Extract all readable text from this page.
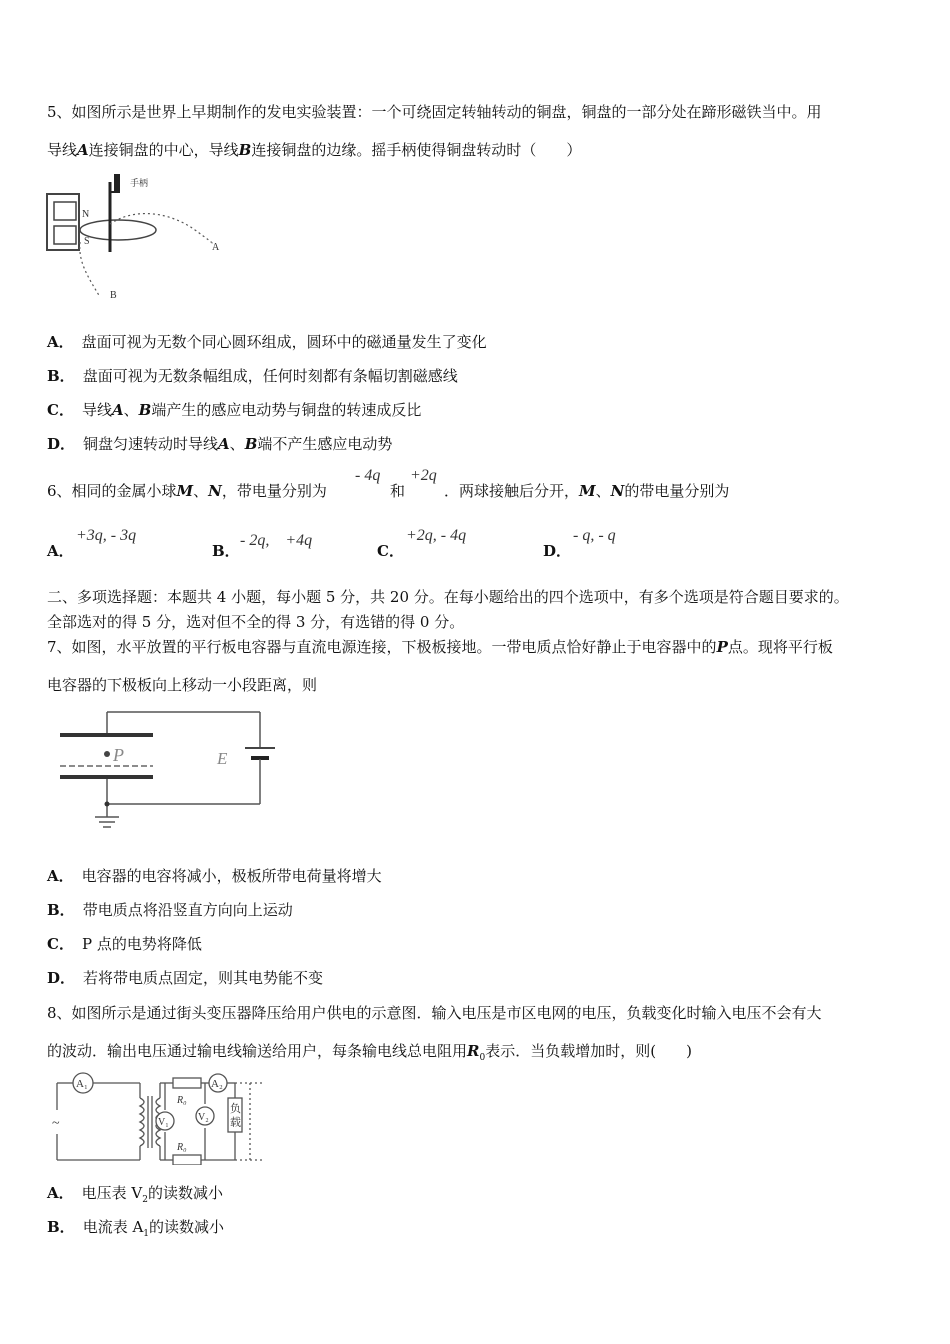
5、如图所示是世界上早期制作的发电实验装置：一个可绕固定转轴转动的铜盘，铜盘的一部分处在蹄形磁铁当中。用
导线A连接铜盘的中心，导线B连接铜盘的边缘。摇手柄使得铜盘转动时（　　）
N
S
手柄
A
B
A． 盘面可视为无数个同心圆环组成，圆环中的磁通量发生了变化
B． 盘面可视为无数条幅组成，任何时刻都有条幅切割磁感线
C． 导线A、B端产生的感应电动势与铜盘的转速成反比
D． 铜盘匀速转动时导线A、B端不产生感应电动势
6、相同的金属小球M、N，带电量分别为
- 4q
和
+2q
．两球接触后分开，M、N的带电量分别为
A．
+3q, - 3q
B．
- 2q,　+4q
C．
+2q, - 4q
D．
- q, - q
二、多项选择题：本题共 4 小题，每小题 5 分，共 20 分。在每小题给出的四个选项中，有多个选项是符合题目要求的。
全部选对的得 5 分，选对但不全的得 3 分，有选错的得 0 分。
7、如图，水平放置的平行板电容器与直流电源连接，下极板接地。一带电质点恰好静止于电容器中的P点。现将平行板
电容器的下极板向上移动一小段距离，则
E
P
A． 电容器的电容将减小，极板所带电荷量将增大
B． 带电质点将沿竖直方向向上运动
C． P 点的电势将降低
D． 若将带电质点固定，则其电势能不变
8、如图所示是通过街头变压器降压给用户供电的示意图．输入电压是市区电网的电压，负载变化时输入电压不会有大
的波动．输出电压通过输电线输送给用户，每条输电线总电阻用$R_0$表示．当负载增加时，则(　　)
A₁
~
A₂
V₁	V₂
R₀
R₀
负
载
A． 电压表 $V_2$的读数减小
B． 电流表 $A_1$的读数减小
